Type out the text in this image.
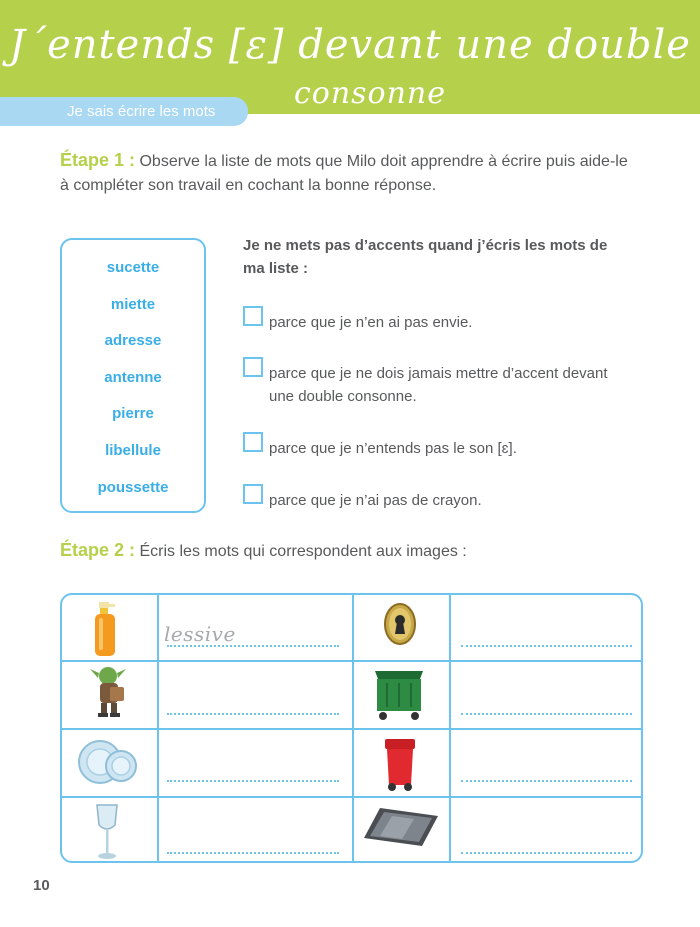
J´entends [ɛ] devant une double
consonne
Je sais écrire les mots
Étape 1 : Observe la liste de mots que Milo doit apprendre à écrire puis aide-le à compléter son travail en cochant la bonne réponse.
sucette
miette
adresse
antenne
pierre
libellule
poussette
Je ne mets pas d’accents quand j’écris les mots de ma liste :
parce que je n’en ai pas envie.
parce que je ne dois jamais mettre d’accent devant une double consonne.
parce que je n’entends pas le son [ɛ].
parce que je n’ai pas de crayon.
Étape 2 : Écris les mots qui correspondent aux images :
lessive
10
